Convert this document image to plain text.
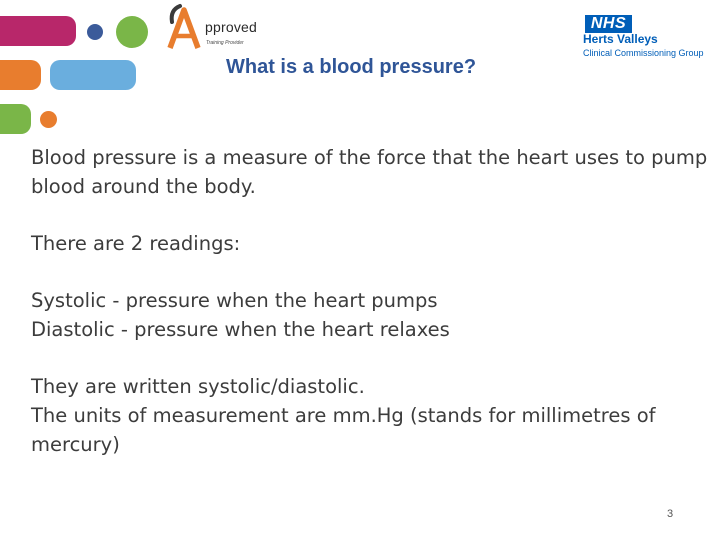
pproved
Training Provider
NHS
Herts Valleys
Clinical Commissioning Group
What is a blood pressure?
Blood pressure is a measure of the force that the heart uses to pump
blood around the body.
There are 2 readings:
Systolic - pressure when the heart pumps
Diastolic - pressure when the heart relaxes
They are written systolic/diastolic.
The units of measurement are mm.Hg (stands for millimetres of
mercury)
3
